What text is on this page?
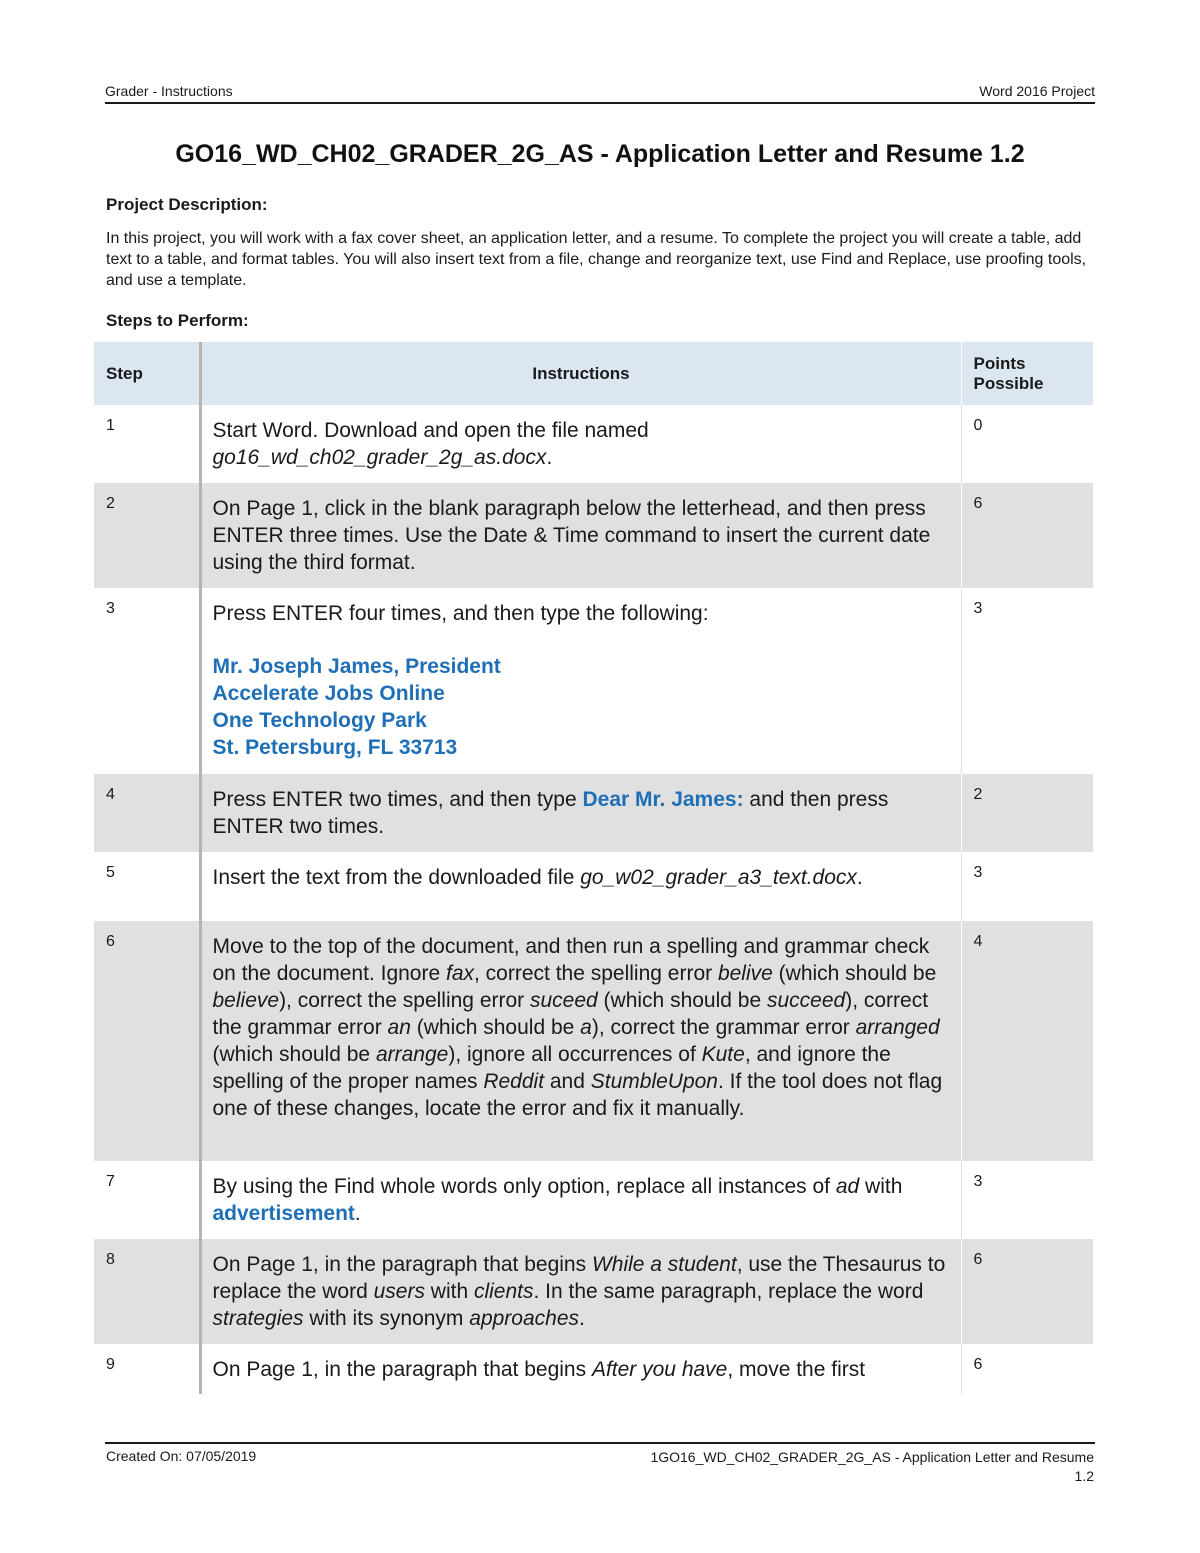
Grader - Instructions	Word 2016 Project
GO16_WD_CH02_GRADER_2G_AS - Application Letter and Resume 1.2
Project Description:
In this project, you will work with a fax cover sheet, an application letter, and a resume. To complete the project you will create a table, add text to a table, and format tables. You will also insert text from a file, change and reorganize text, use Find and Replace, use proofing tools, and use a template.
Steps to Perform:
Step	Instructions	Points
Possible
1	Start Word. Download and open the file named
go16_wd_ch02_grader_2g_as.docx.	0
2	On Page 1, click in the blank paragraph below the letterhead, and then press ENTER three times. Use the Date & Time command to insert the current date using the third format.	6
3	Press ENTER four times, and then type the following:
Mr. Joseph James, President
Accelerate Jobs Online
One Technology Park
St. Petersburg, FL 33713	3
4	Press ENTER two times, and then type Dear Mr. James: and then press ENTER two times.	2
5	Insert the text from the downloaded file go_w02_grader_a3_text.docx.	3
6	Move to the top of the document, and then run a spelling and grammar check on the document. Ignore fax, correct the spelling error belive (which should be believe), correct the spelling error suceed (which should be succeed), correct the grammar error an (which should be a), correct the grammar error arranged (which should be arrange), ignore all occurrences of Kute, and ignore the spelling of the proper names Reddit and StumbleUpon. If the tool does not flag one of these changes, locate the error and fix it manually.	4
7	By using the Find whole words only option, replace all instances of ad with advertisement.	3
8	On Page 1, in the paragraph that begins While a student, use the Thesaurus to replace the word users with clients. In the same paragraph, replace the word strategies with its synonym approaches.	6
9	On Page 1, in the paragraph that begins After you have, move the first	6
Created On: 07/05/2019	1GO16_WD_CH02_GRADER_2G_AS - Application Letter and Resume
1.2
